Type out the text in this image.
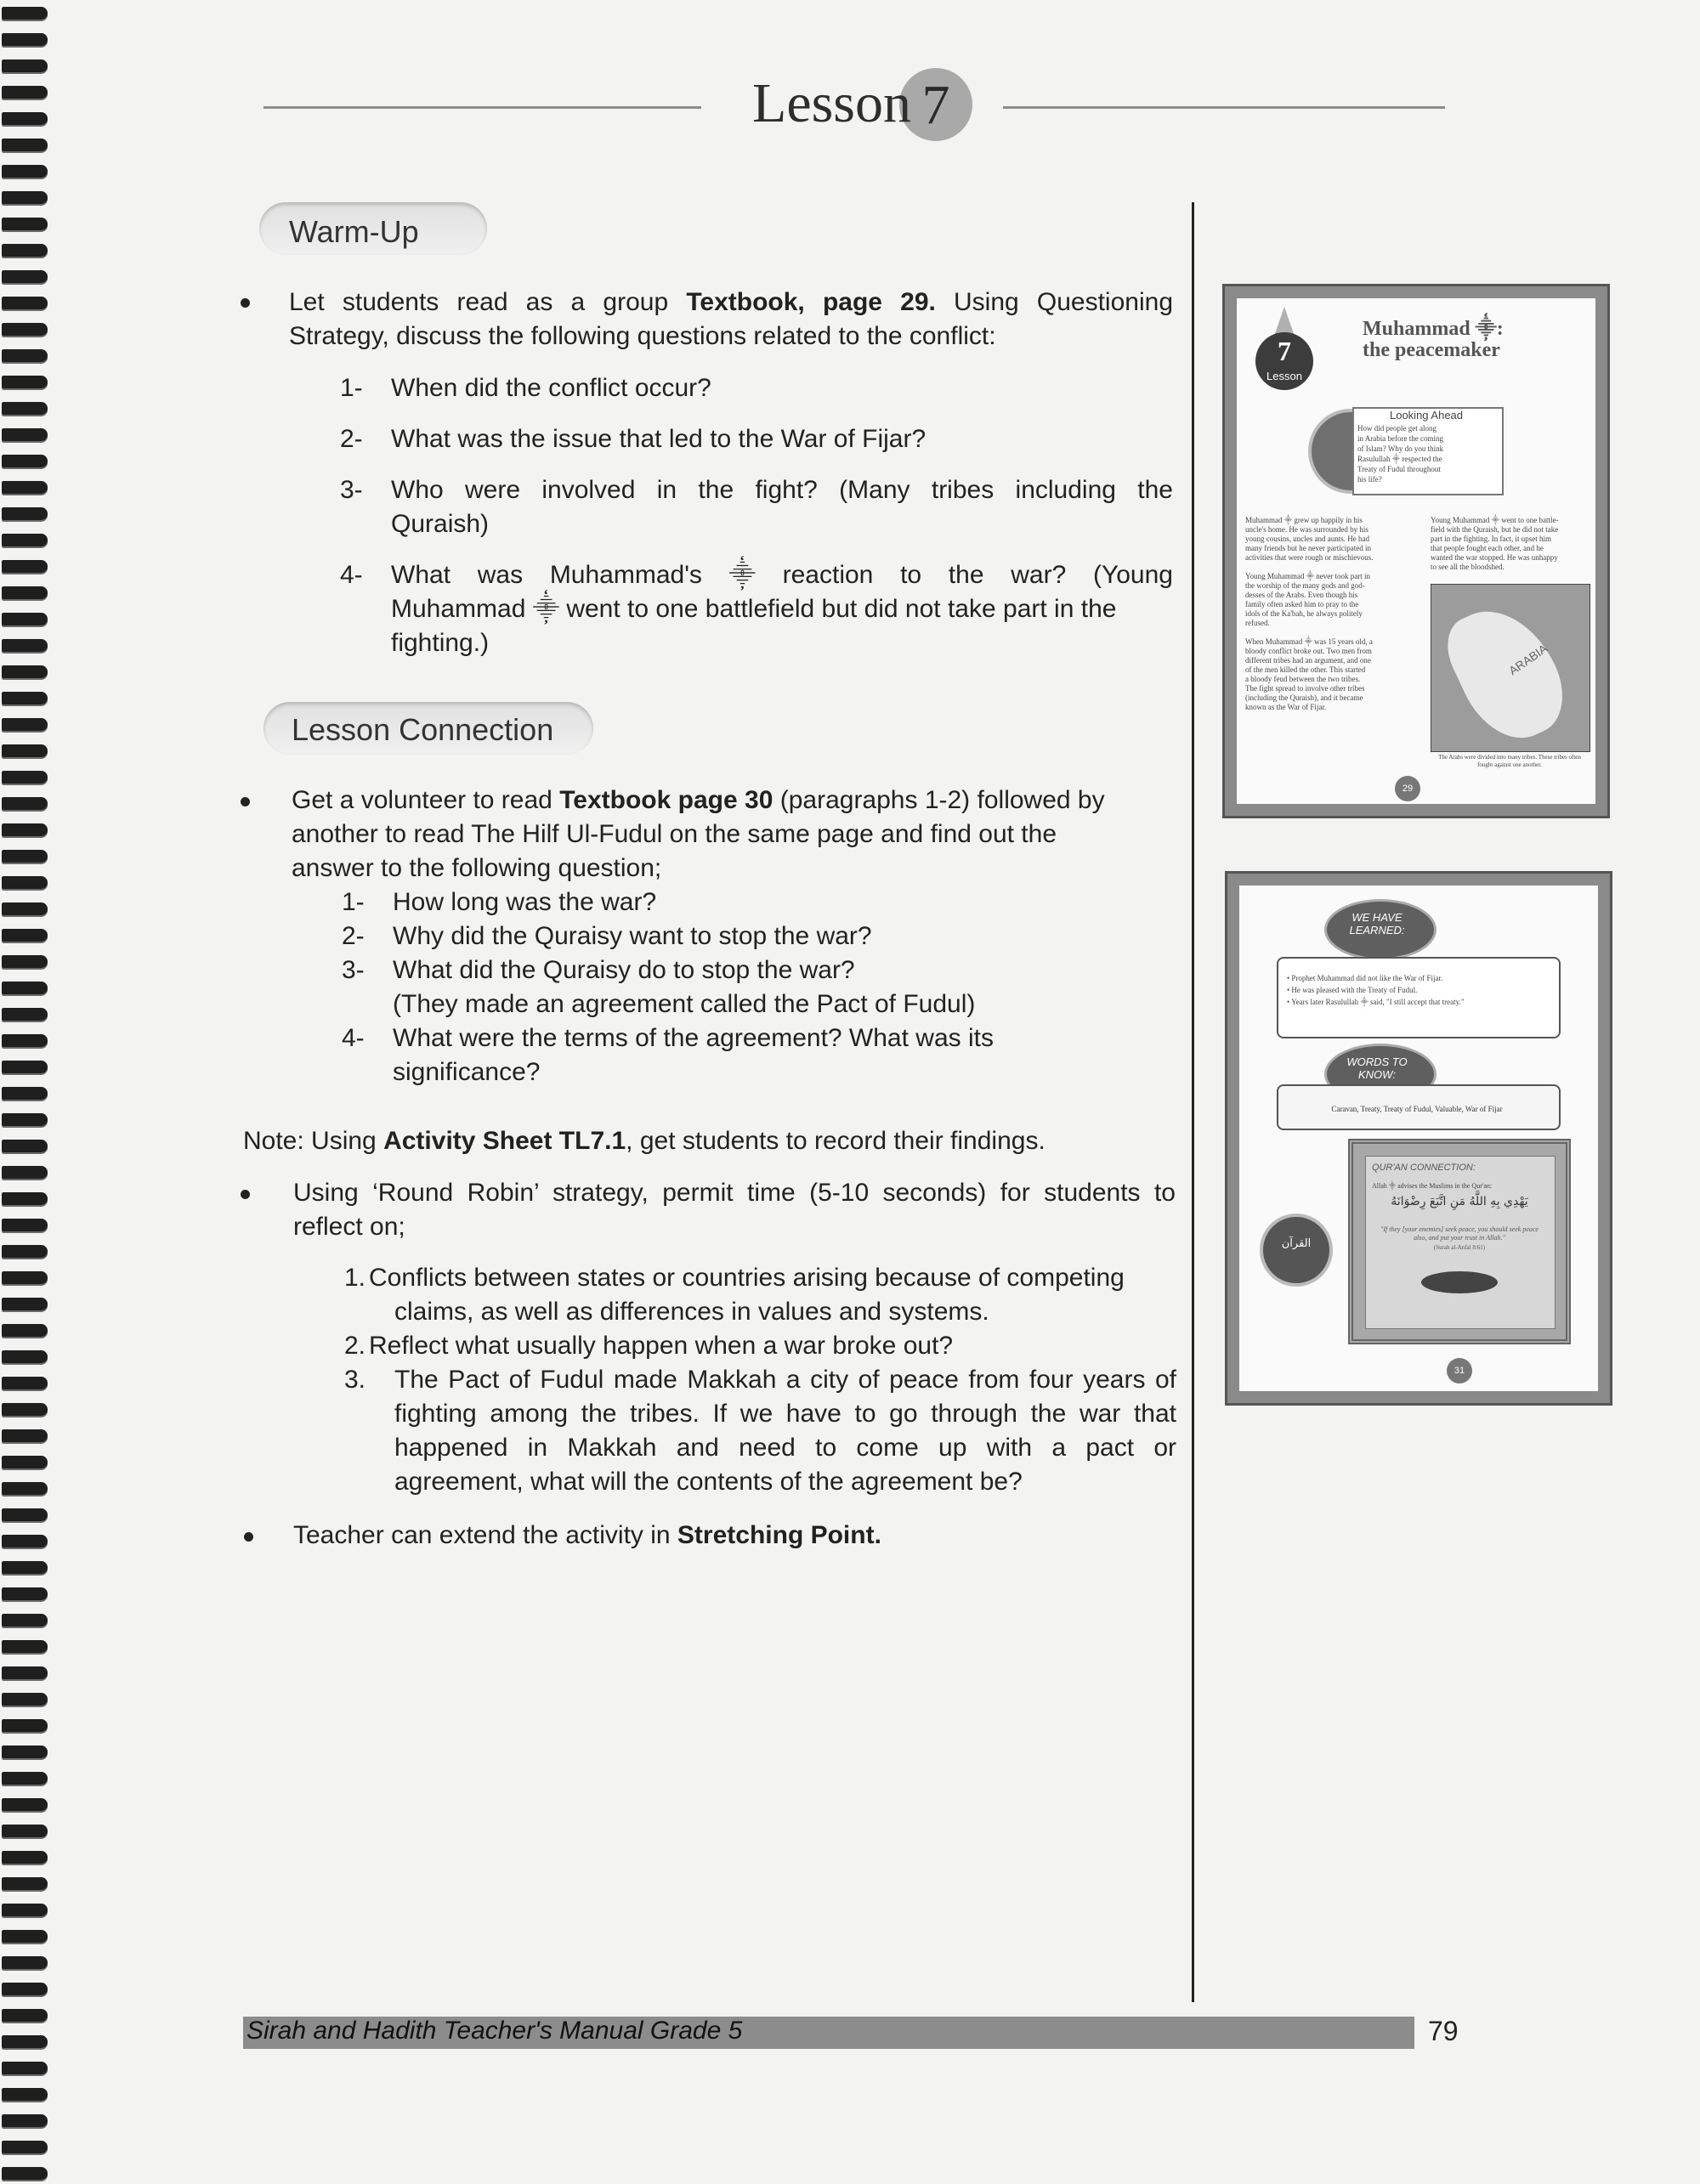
Lesson 7
Warm-Up
Let students read as a group Textbook, page 29. Using Questioning
Strategy, discuss the following questions related to the conflict:
1- When did the conflict occur?
2- What was the issue that led to the War of Fijar?
3- Who were involved in the fight? (Many tribes including the
Quraish)
4- What was Muhammad's ⸎ reaction to the war? (Young
Muhammad ⸎ went to one battlefield but did not take part in the
fighting.)
Lesson Connection
Get a volunteer to read Textbook page 30 (paragraphs 1-2) followed by
another to read The Hilf Ul-Fudul on the same page and find out the
answer to the following question;
1- How long was the war?
2- Why did the Quraisy want to stop the war?
3- What did the Quraisy do to stop the war?
(They made an agreement called the Pact of Fudul)
4- What were the terms of the agreement? What was its
significance?
Note: Using Activity Sheet TL7.1, get students to record their findings.
Using ‘Round Robin’ strategy, permit time (5-10 seconds) for students to
reflect on;
1. Conflicts between states or countries arising because of competing
claims, as well as differences in values and systems.
2. Reflect what usually happen when a war broke out?
3. The Pact of Fudul made Makkah a city of peace from four years of
fighting among the tribes. If we have to go through the war that
happened in Makkah and need to come up with a pact or
agreement, what will the contents of the agreement be?
Teacher can extend the activity in Stretching Point.
7
Lesson
Muhammad ⸎:
the peacemaker
Looking Ahead
How did people get along
in Arabia before the coming
of Islam? Why do you think
Rasulullah ⸎ respected the
Treaty of Fudul throughout
his life?
Muhammad ⸎ grew up happily in his
uncle's home. He was surrounded by his
young cousins, uncles and aunts. He had
many friends but he never participated in
activities that were rough or mischievous.
Young Muhammad ⸎ never took part in
the worship of the many gods and god-
desses of the Arabs. Even though his
family often asked him to pray to the
idols of the Ka'bah, he always politely
refused.
When Muhammad ⸎ was 15 years old, a
bloody conflict broke out. Two men from
different tribes had an argument, and one
of the men killed the other. This started
a bloody feud between the two tribes.
The fight spread to involve other tribes
(including the Quraish), and it became
known as the War of Fijar.
Young Muhammad ⸎ went to one battle-
field with the Quraish, but he did not take
part in the fighting. In fact, it upset him
that people fought each other, and he
wanted the war stopped. He was unhappy
to see all the bloodshed.
ARABIA
The Arabs were divided into many tribes. These tribes often fought against one another.
29
WE HAVE LEARNED:
• Prophet Muhammad did not like the War of Fijar.
• He was pleased with the Treaty of Fudul.
• Years later Rasulullah ⸎ said, "I still accept that treaty."
WORDS TO KNOW:
Caravan, Treaty, Treaty of Fudul, Valuable, War of Fijar
QUR'AN CONNECTION:
Allah ⸎ advises the Muslims in the Qur'an:
يَهْدِي بِهِ اللَّهُ مَنِ اتَّبَعَ رِضْوَانَهُ
"If they [your enemies] seek peace, you should seek peace also, and put your trust in Allah."
(Surah al-Anfal 8:61)
القرآن
31
Sirah and Hadith Teacher's Manual Grade 5	79
